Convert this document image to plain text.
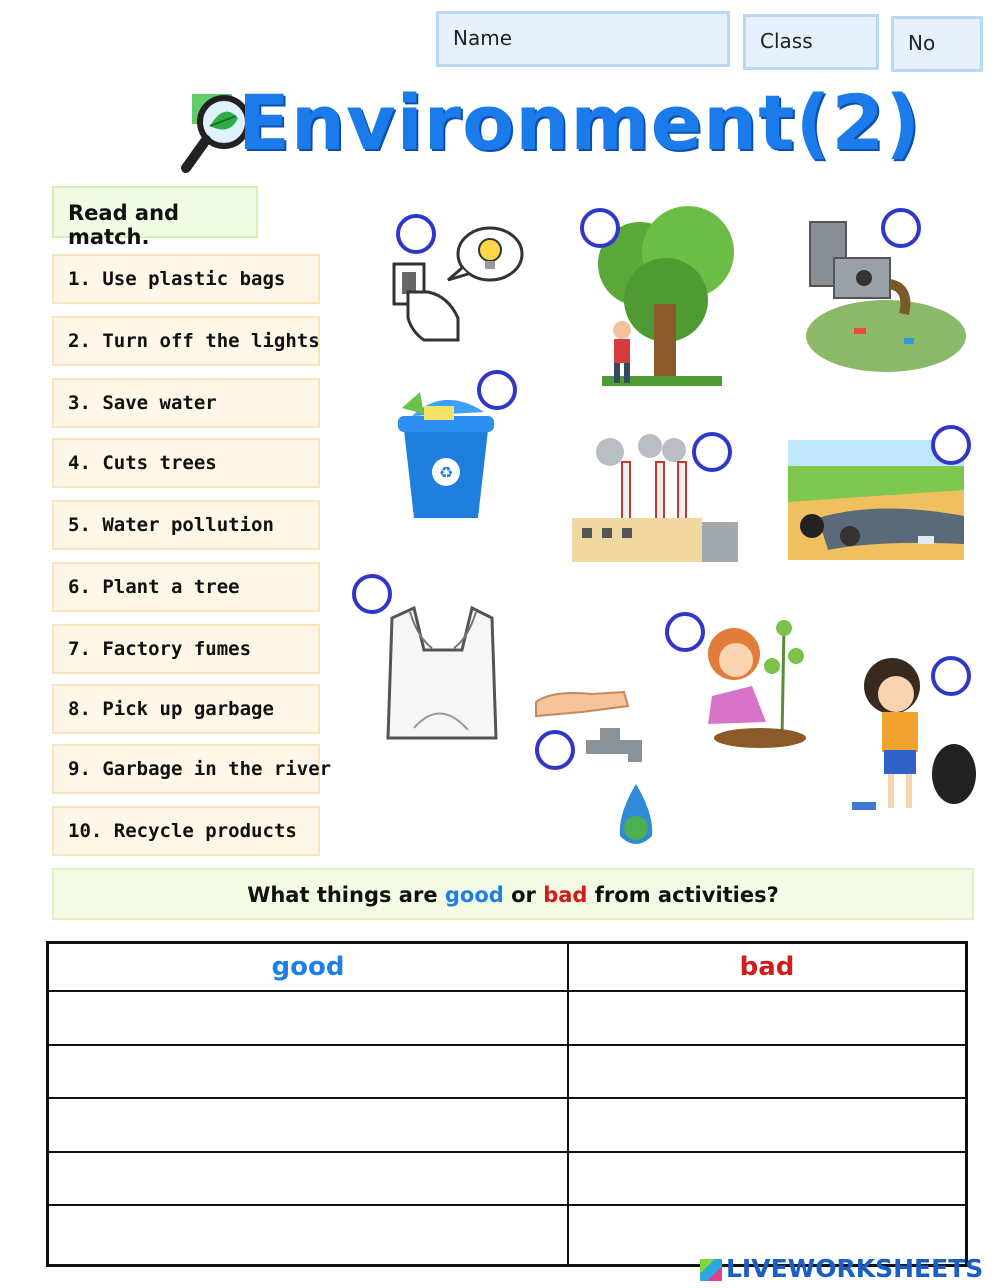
Name	Class	No
Environment(2)
Read and match.
1. Use plastic bags
2. Turn off the lights
3. Save water
4. Cuts trees
5. Water pollution
6. Plant a tree
7. Factory fumes
8. Pick up garbage
9. Garbage in the river
10. Recycle products
♻
What things are good or bad from activities?
good	bad

LIVEWORKSHEETS
